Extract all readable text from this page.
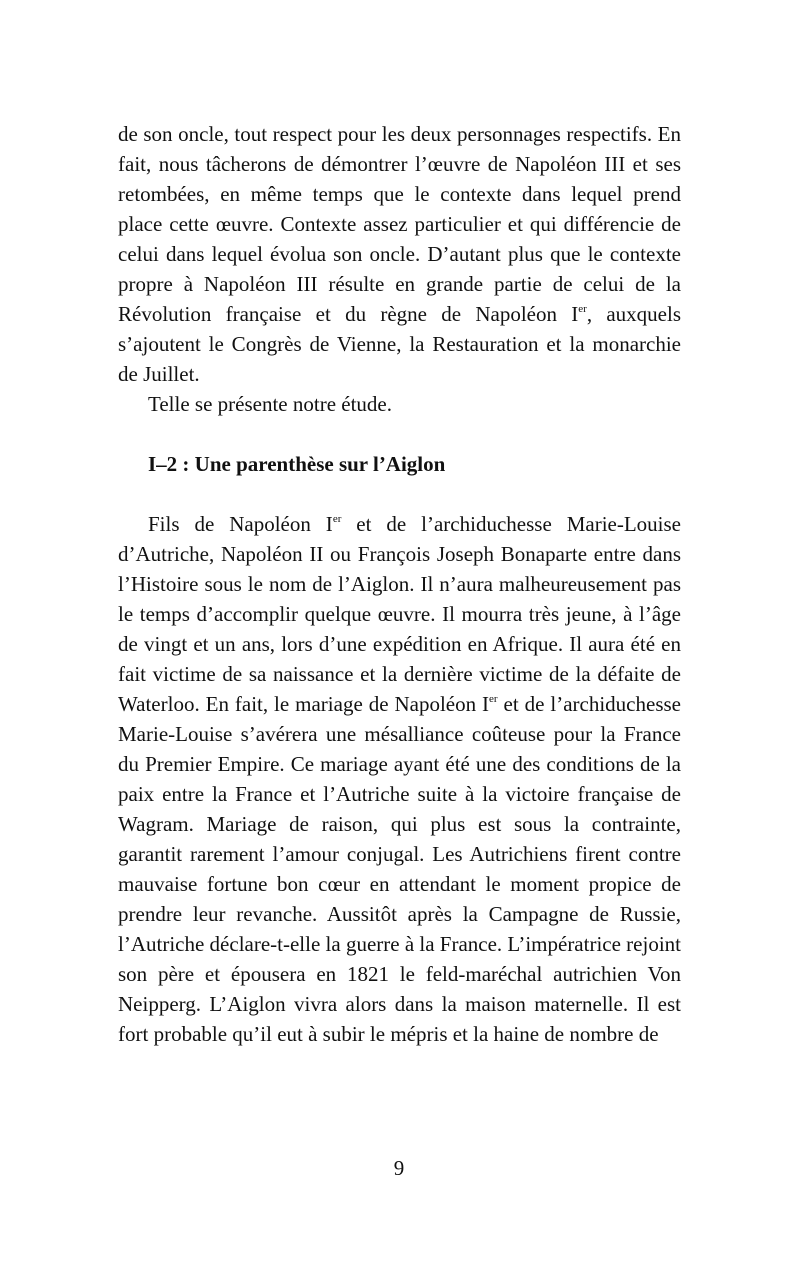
de son oncle, tout respect pour les deux personnages respectifs. En fait, nous tâcherons de démontrer l’œuvre de Napoléon III et ses retombées, en même temps que le contexte dans lequel prend place cette œuvre. Contexte assez particulier et qui différencie de celui dans lequel évolua son oncle. D’autant plus que le contexte propre à Napoléon III résulte en grande partie de celui de la Révolution française et du règne de Napoléon Ier, auxquels s’ajoutent le Congrès de Vienne, la Restauration et la monarchie de Juillet.

Telle se présente notre étude.

I–2 : Une parenthèse sur l’Aiglon

Fils de Napoléon Ier et de l’archiduchesse Marie-Louise d’Autriche, Napoléon II ou François Joseph Bonaparte entre dans l’Histoire sous le nom de l’Aiglon. Il n’aura malheureusement pas le temps d’accomplir quelque œuvre. Il mourra très jeune, à l’âge de vingt et un ans, lors d’une expédition en Afrique. Il aura été en fait victime de sa naissance et la dernière victime de la défaite de Waterloo. En fait, le mariage de Napoléon Ier et de l’archiduchesse Marie-Louise s’avérera une mésalliance coûteuse pour la France du Premier Empire. Ce mariage ayant été une des conditions de la paix entre la France et l’Autriche suite à la victoire française de Wagram. Mariage de raison, qui plus est sous la contrainte, garantit rarement l’amour conjugal. Les Autrichiens firent contre mauvaise fortune bon cœur en attendant le moment propice de prendre leur revanche. Aussitôt après la Campagne de Russie, l’Autriche déclare-t-elle la guerre à la France. L’impératrice rejoint son père et épousera en 1821 le feld-maréchal autrichien Von Neipperg. L’Aiglon vivra alors dans la maison maternelle. Il est fort probable qu’il eut à subir le mépris et la haine de nombre de

9
